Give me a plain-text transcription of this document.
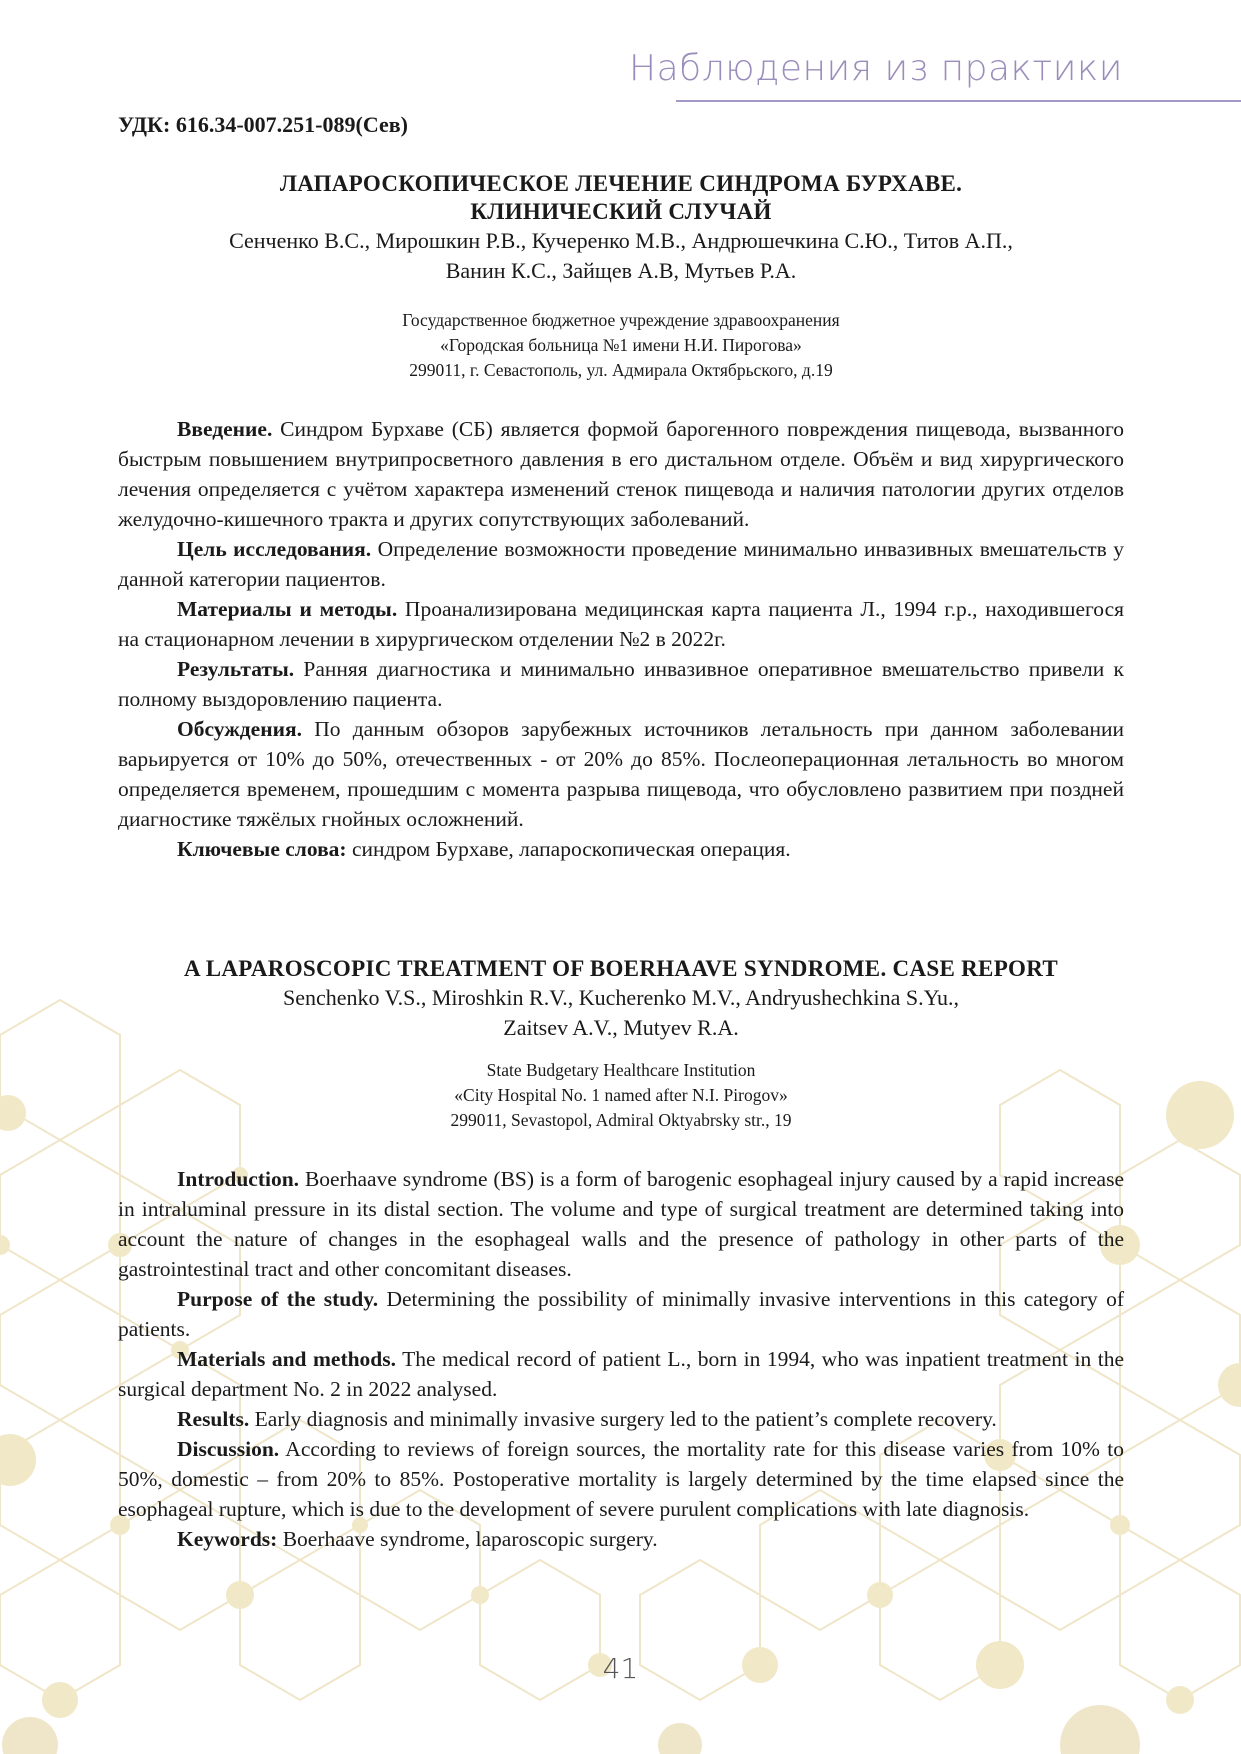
Наблюдения из практики
УДК: 616.34-007.251-089(Сев)
ЛАПАРОСКОПИЧЕСКОЕ ЛЕЧЕНИЕ СИНДРОМА БУРХАВЕ.
КЛИНИЧЕСКИЙ СЛУЧАЙ
Сенченко В.С., Мирошкин Р.В., Кучеренко М.В., Андрюшечкина С.Ю., Титов А.П.,
Ванин К.С., Зайщев А.В, Мутьев Р.А.
Государственное бюджетное учреждение здравоохранения
«Городская больница №1 имени Н.И. Пирогова»
299011, г. Севастополь, ул. Адмирала Октябрьского, д.19

Введение. Синдром Бурхаве (СБ) является формой барогенного повреждения пищевода, вызванного быстрым повышением внутрипросветного давления в его дистальном отделе. Объём и вид хирургического лечения определяется с учётом характера изменений стенок пищевода и наличия патологии других отделов желудочно-кишечного тракта и других сопутствующих заболеваний.

Цель исследования. Определение возможности проведение минимально инвазивных вмешательств у данной категории пациентов.

Материалы и методы. Проанализирована медицинская карта пациента Л., 1994 г.р., находившегося на стационарном лечении в хирургическом отделении №2 в 2022г.

Результаты. Ранняя диагностика и минимально инвазивное оперативное вмешательство привели к полному выздоровлению пациента.

Обсуждения. По данным обзоров зарубежных источников летальность при данном заболевании варьируется от 10% до 50%, отечественных - от 20% до 85%. Послеоперационная летальность во многом определяется временем, прошедшим с момента разрыва пищевода, что обусловлено развитием при поздней диагностике тяжёлых гнойных осложнений.

Ключевые слова: синдром Бурхаве, лапароскопическая операция.

A LAPAROSCOPIC TREATMENT OF BOERHAAVE SYNDROME. CASE REPORT
Senchenko V.S., Miroshkin R.V., Kucherenko M.V., Andryushechkina S.Yu.,
Zaitsev A.V., Mutyev R.A.
State Budgetary Healthcare Institution
«City Hospital No. 1 named after N.I. Pirogov»
299011, Sevastopol, Admiral Oktyabrsky str., 19

Introduction. Boerhaave syndrome (BS) is a form of barogenic esophageal injury caused by a rapid increase in intraluminal pressure in its distal section. The volume and type of surgical treatment are determined taking into account the nature of changes in the esophageal walls and the presence of pathology in other parts of the gastrointestinal tract and other concomitant diseases.

Purpose of the study. Determining the possibility of minimally invasive interventions in this category of patients.

Materials and methods. The medical record of patient L., born in 1994, who was inpatient treatment in the surgical department No. 2 in 2022 analysed.

Results. Early diagnosis and minimally invasive surgery led to the patient’s complete recovery.

Discussion. According to reviews of foreign sources, the mortality rate for this disease varies from 10% to 50%, domestic – from 20% to 85%. Postoperative mortality is largely determined by the time elapsed since the esophageal rupture, which is due to the development of severe purulent complications with late diagnosis.

Keywords: Boerhaave syndrome, laparoscopic surgery.

41
